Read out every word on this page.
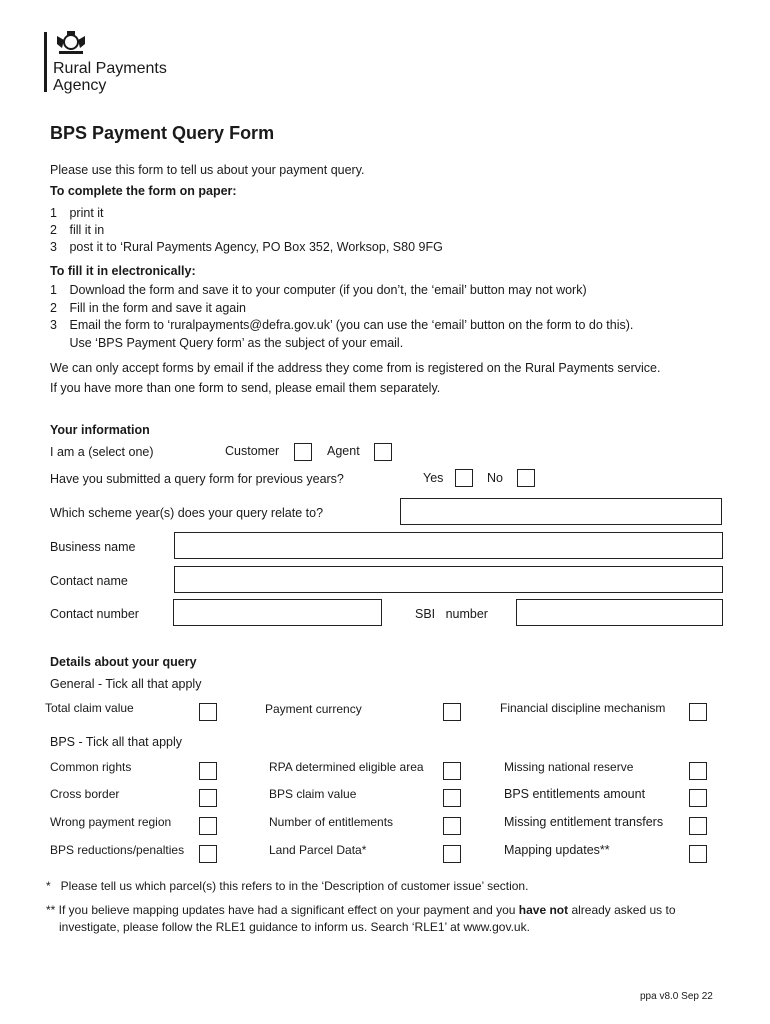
Rural Payments
Agency
BPS Payment Query Form
Please use this form to tell us about your payment query.
To complete the form on paper:
1 print it
2 fill it in
3 post it to ‘Rural Payments Agency, PO Box 352, Worksop, S80 9FG
To fill it in electronically:
1 Download the form and save it to your computer (if you don’t, the ‘email’ button may not work)
2 Fill in the form and save it again
3 Email the form to ‘ruralpayments@defra.gov.uk’ (you can use the ‘email’ button on the form to do this).
Use ‘BPS Payment Query form’ as the subject of your email.
We can only accept forms by email if the address they come from is registered on the Rural Payments service.
If you have more than one form to send, please email them separately.
Your information
I am a (select one)	Customer	Agent
Have you submitted a query form for previous years?	Yes	No
Which scheme year(s) does your query relate to?
Business name
Contact name
Contact number	SBI   number
Details about your query
General - Tick all that apply
Total claim value	Payment currency	Financial discipline mechanism
BPS - Tick all that apply
Common rights	RPA determined eligible area	Missing national reserve
Cross border	BPS claim value	BPS entitlements amount
Wrong payment region	Number of entitlements	Missing entitlement transfers
BPS reductions/penalties	Land Parcel Data*	Mapping updates**
*   Please tell us which parcel(s) this refers to in the ‘Description of customer issue’ section.
** If you believe mapping updates have had a significant effect on your payment and you have not already asked us to
investigate, please follow the RLE1 guidance to inform us. Search ‘RLE1’ at www.gov.uk.
ppa v8.0 Sep 22
